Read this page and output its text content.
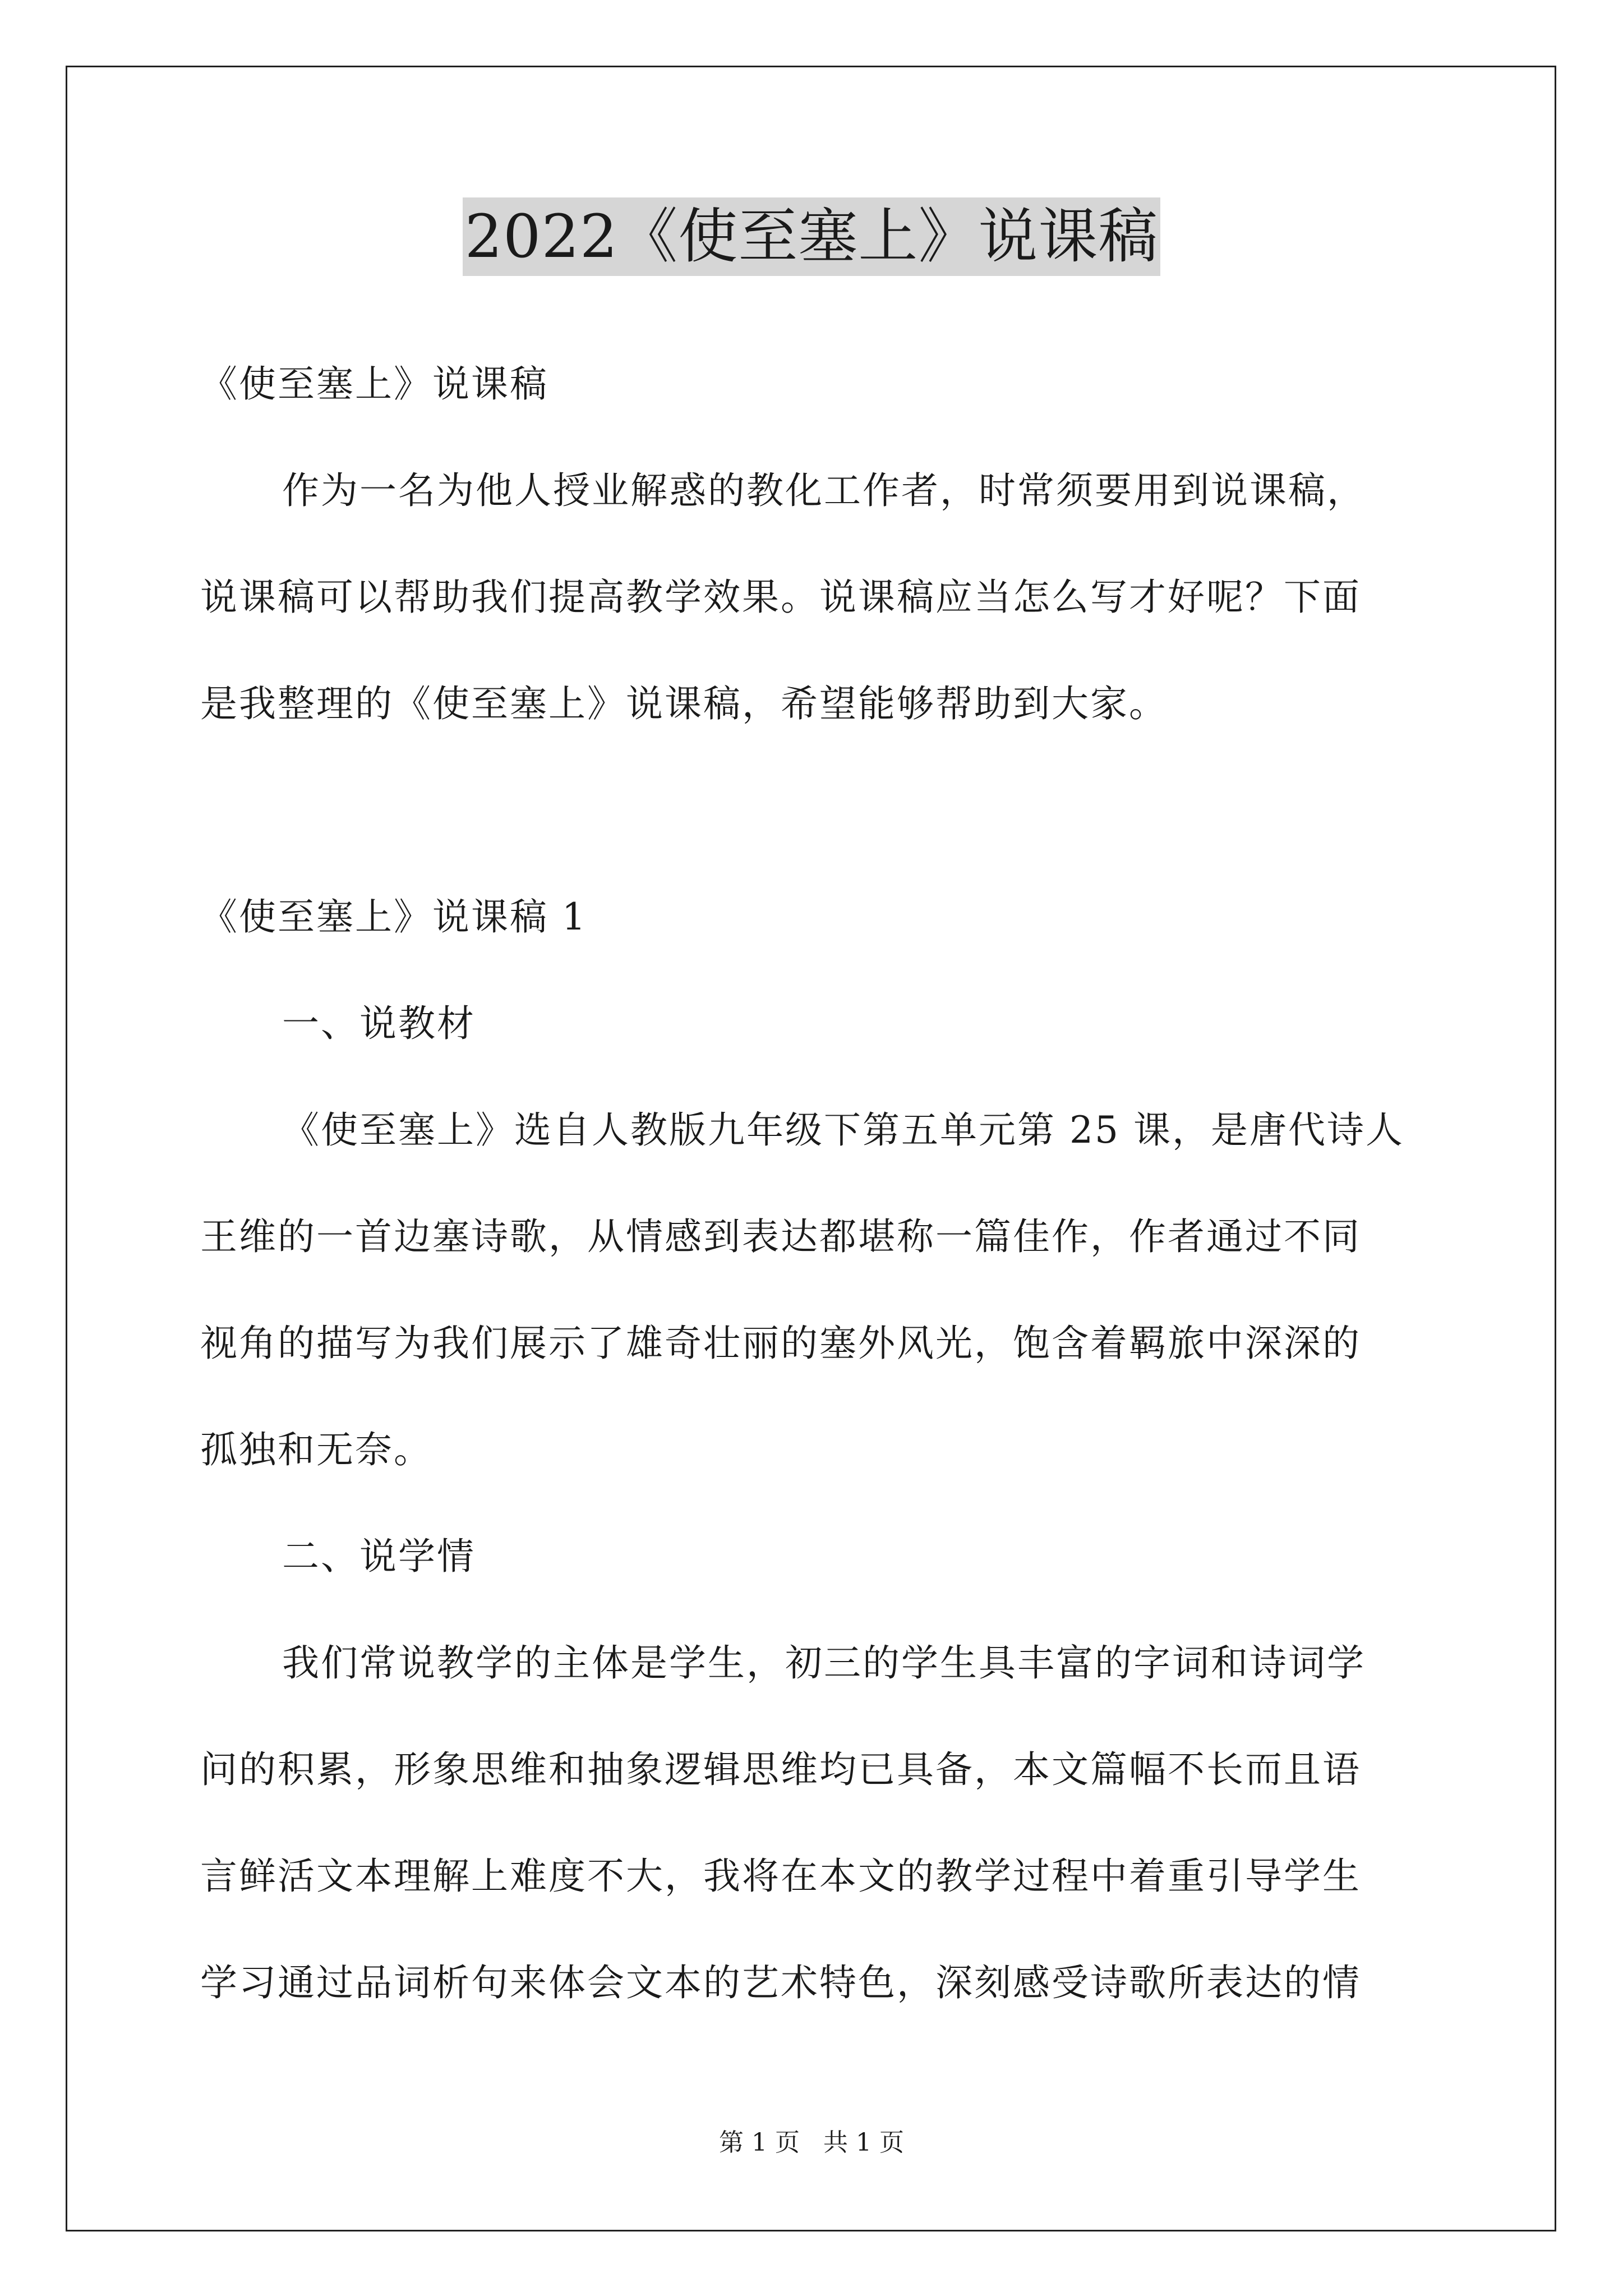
2022《使至塞上》说课稿

《使至塞上》说课稿

作为一名为他人授业解惑的教化工作者，时常须要用到说课稿，

说课稿可以帮助我们提高教学效果。说课稿应当怎么写才好呢？下面

是我整理的《使至塞上》说课稿，希望能够帮助到大家。

《使至塞上》说课稿 1

一、说教材

《使至塞上》选自人教版九年级下第五单元第 25 课，是唐代诗人

王维的一首边塞诗歌，从情感到表达都堪称一篇佳作，作者通过不同

视角的描写为我们展示了雄奇壮丽的塞外风光，饱含着羁旅中深深的

孤独和无奈。

二、说学情

我们常说教学的主体是学生，初三的学生具丰富的字词和诗词学

问的积累，形象思维和抽象逻辑思维均已具备，本文篇幅不长而且语

言鲜活文本理解上难度不大，我将在本文的教学过程中着重引导学生

学习通过品词析句来体会文本的艺术特色，深刻感受诗歌所表达的情

第 1 页   共 1 页
